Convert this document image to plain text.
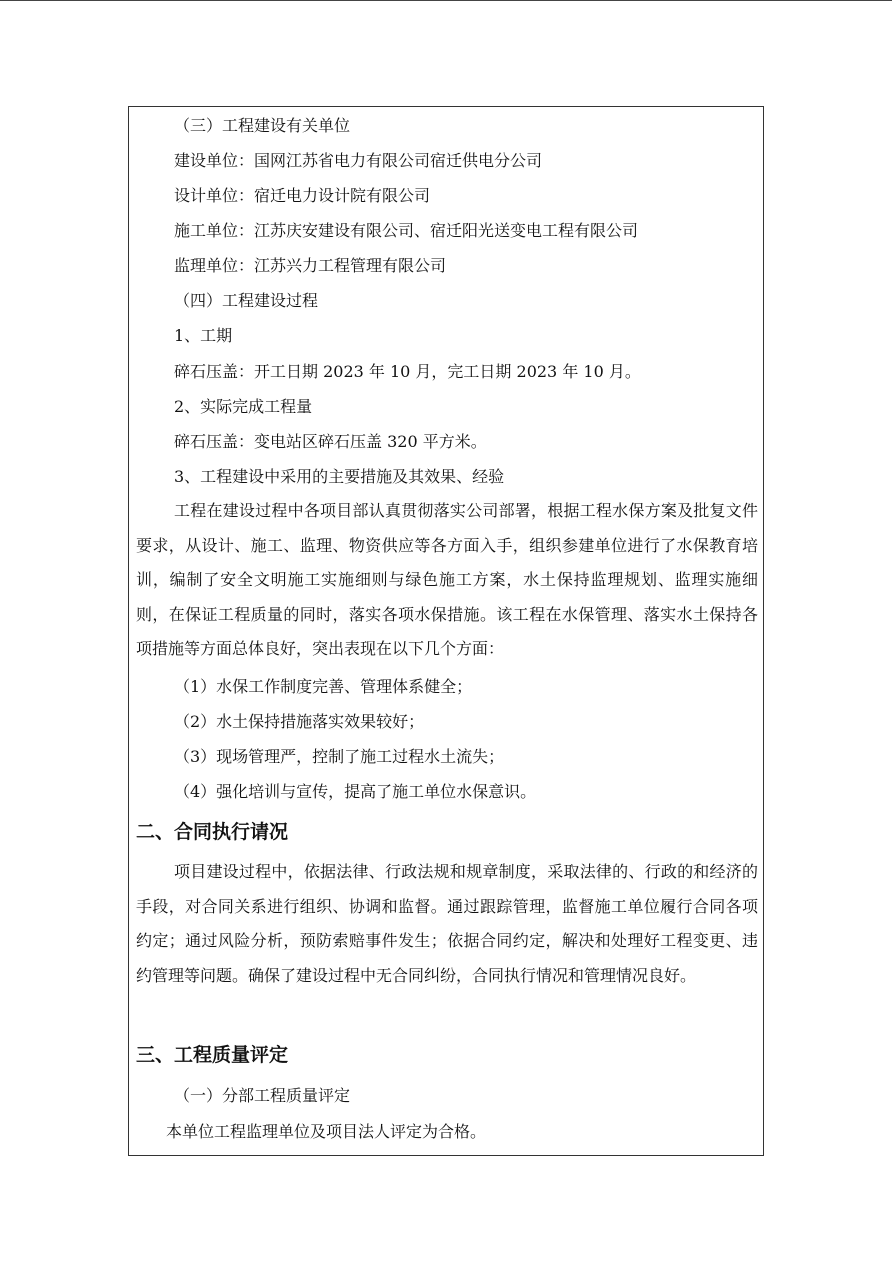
（三）工程建设有关单位
建设单位：国网江苏省电力有限公司宿迁供电分公司
设计单位：宿迁电力设计院有限公司
施工单位：江苏庆安建设有限公司、宿迁阳光送变电工程有限公司
监理单位：江苏兴力工程管理有限公司
（四）工程建设过程
1、工期
碎石压盖：开工日期 2023 年 10 月，完工日期 2023 年 10 月。
2、实际完成工程量
碎石压盖：变电站区碎石压盖 320 平方米。
3、工程建设中采用的主要措施及其效果、经验
工程在建设过程中各项目部认真贯彻落实公司部署，根据工程水保方案及批复文件要求，从设计、施工、监理、物资供应等各方面入手，组织参建单位进行了水保教育培训，编制了安全文明施工实施细则与绿色施工方案，水土保持监理规划、监理实施细则，在保证工程质量的同时，落实各项水保措施。该工程在水保管理、落实水土保持各项措施等方面总体良好，突出表现在以下几个方面：
（1）水保工作制度完善、管理体系健全；
（2）水土保持措施落实效果较好；
（3）现场管理严，控制了施工过程水土流失；
（4）强化培训与宣传，提高了施工单位水保意识。
二、合同执行请况
项目建设过程中，依据法律、行政法规和规章制度，采取法律的、行政的和经济的手段，对合同关系进行组织、协调和监督。通过跟踪管理，监督施工单位履行合同各项约定；通过风险分析，预防索赔事件发生；依据合同约定，解决和处理好工程变更、违约管理等问题。确保了建设过程中无合同纠纷，合同执行情况和管理情况良好。
三、工程质量评定
（一）分部工程质量评定
本单位工程监理单位及项目法人评定为合格。
